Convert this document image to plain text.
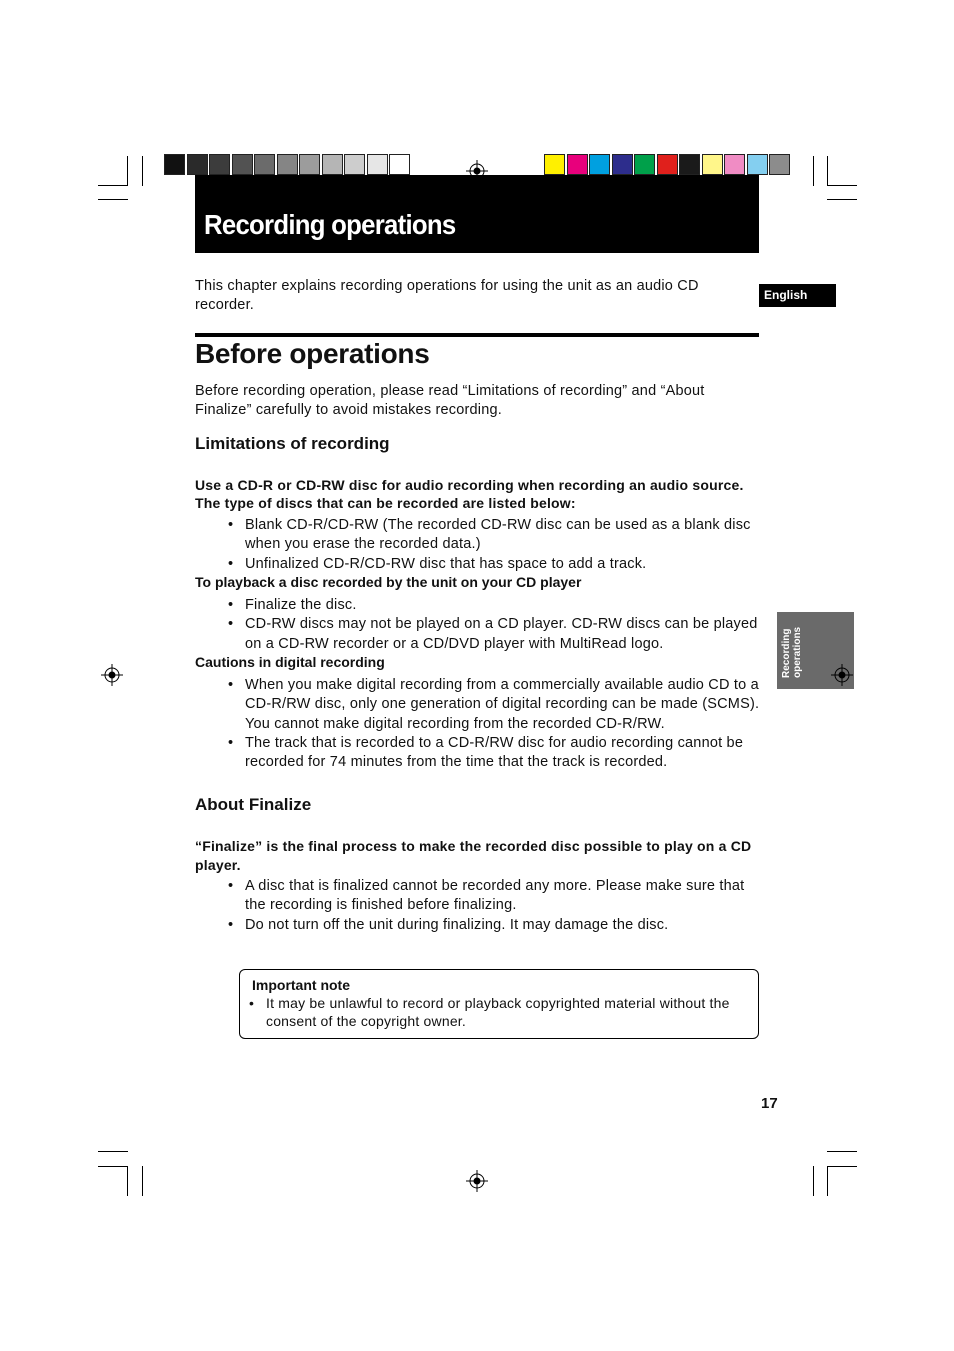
Recording operations
English
Recording operations
This chapter explains recording operations for using the unit as an audio CD recorder.
Before operations
Before recording operation, please read “Limitations of recording” and “About Finalize” carefully to avoid mistakes recording.
Limitations of recording
Use a CD-R or CD-RW disc for audio recording when recording an audio source.
The type of discs that can be recorded are listed below:
• Blank CD-R/CD-RW (The recorded CD-RW disc can be used as a blank disc when you erase the recorded data.)
• Unfinalized CD-R/CD-RW disc that has space to add a track.
To playback a disc recorded by the unit on your CD player
• Finalize the disc.
• CD-RW discs may not be played on a CD player. CD-RW discs can be played on a CD-RW recorder or a CD/DVD player with MultiRead logo.
Cautions in digital recording
• When you make digital recording from a commercially available audio CD to a CD-R/RW disc, only one generation of digital recording can be made (SCMS). You cannot make digital recording from the recorded CD-R/RW.
• The track that is recorded to a CD-R/RW disc for audio recording cannot be recorded for 74 minutes from the time that the track is recorded.
About Finalize
“Finalize” is the final process to make the recorded disc possible to play on a CD player.
• A disc that is finalized cannot be recorded any more. Please make sure that the recording is finished before finalizing.
• Do not turn off the unit during finalizing. It may damage the disc.
Important note
• It may be unlawful to record or playback copyrighted material without the consent of the copyright owner.
17
